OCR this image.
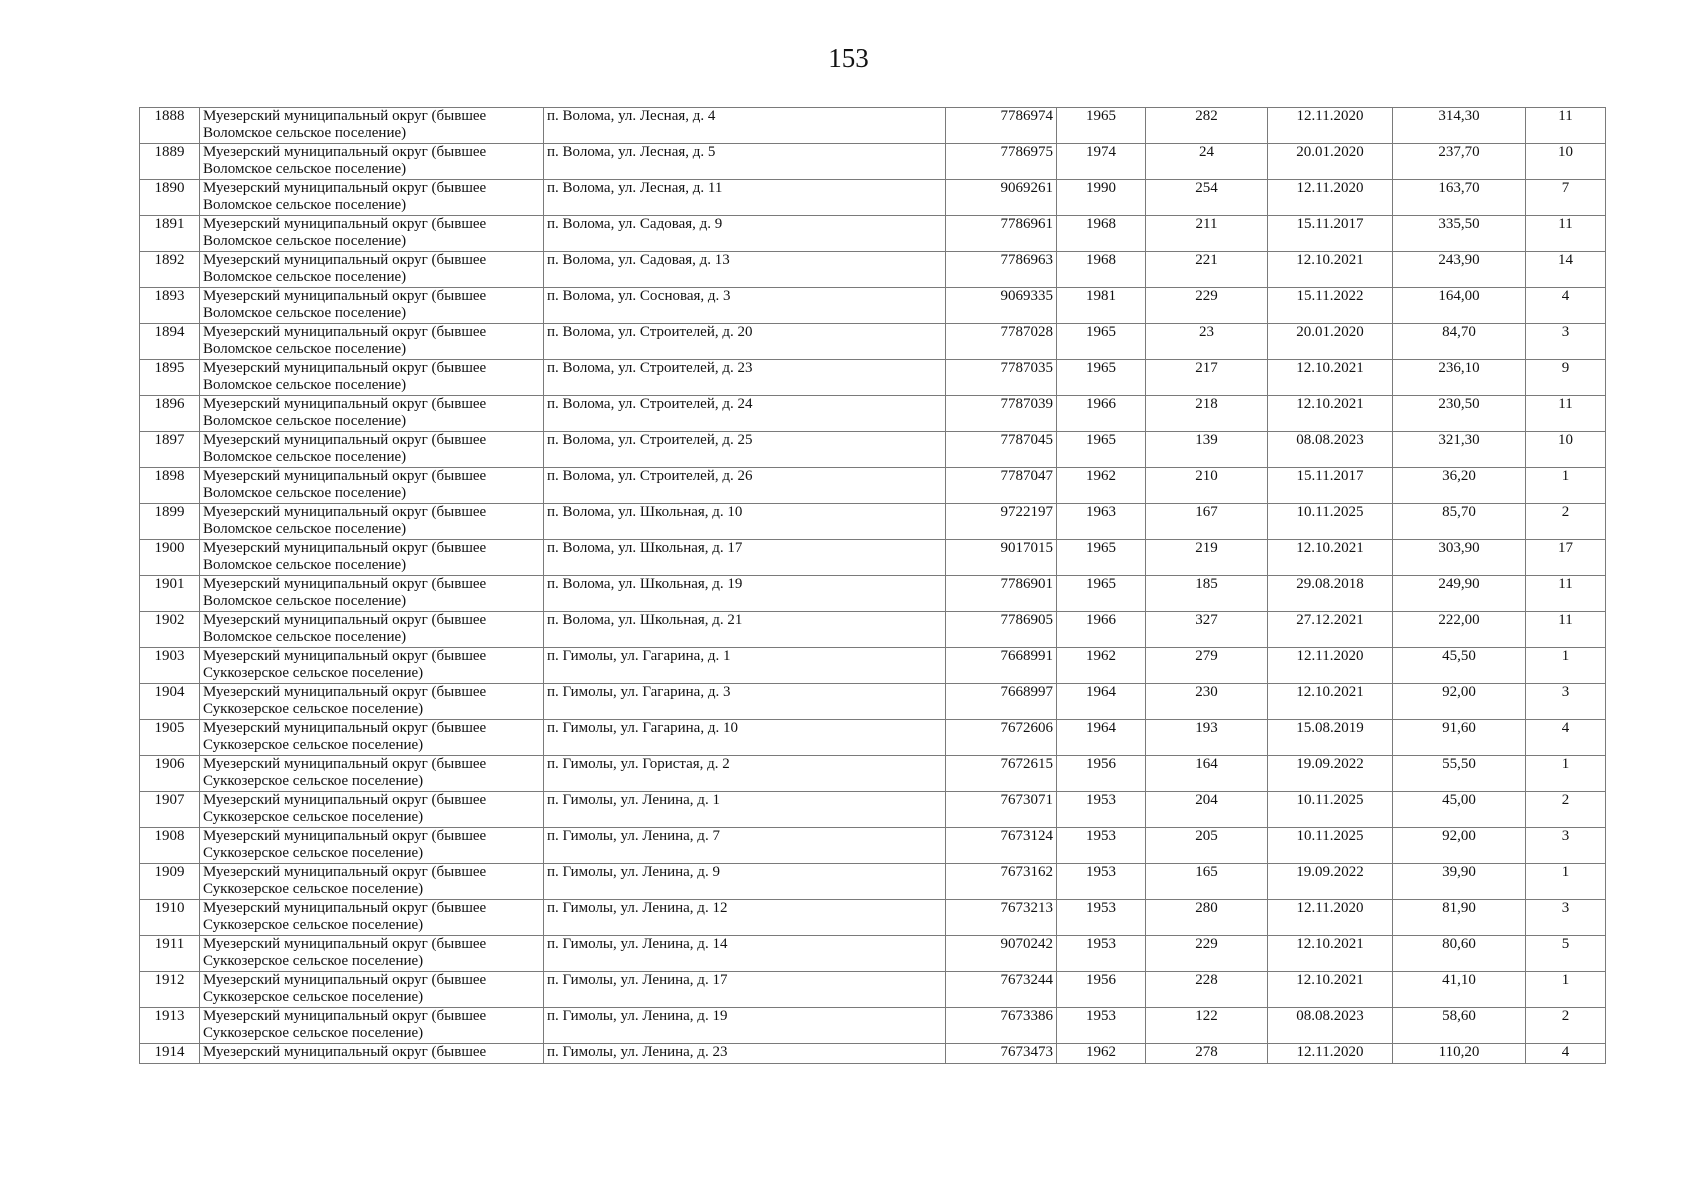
153
1888	Муезерский муниципальный округ (бывшее Воломское сельское поселение)	п. Волома, ул. Лесная, д. 4	7786974	1965	282	12.11.2020	314,30	11
1889	Муезерский муниципальный округ (бывшее Воломское сельское поселение)	п. Волома, ул. Лесная, д. 5	7786975	1974	24	20.01.2020	237,70	10
1890	Муезерский муниципальный округ (бывшее Воломское сельское поселение)	п. Волома, ул. Лесная, д. 11	9069261	1990	254	12.11.2020	163,70	7
1891	Муезерский муниципальный округ (бывшее Воломское сельское поселение)	п. Волома, ул. Садовая, д. 9	7786961	1968	211	15.11.2017	335,50	11
1892	Муезерский муниципальный округ (бывшее Воломское сельское поселение)	п. Волома, ул. Садовая, д. 13	7786963	1968	221	12.10.2021	243,90	14
1893	Муезерский муниципальный округ (бывшее Воломское сельское поселение)	п. Волома, ул. Сосновая, д. 3	9069335	1981	229	15.11.2022	164,00	4
1894	Муезерский муниципальный округ (бывшее Воломское сельское поселение)	п. Волома, ул. Строителей, д. 20	7787028	1965	23	20.01.2020	84,70	3
1895	Муезерский муниципальный округ (бывшее Воломское сельское поселение)	п. Волома, ул. Строителей, д. 23	7787035	1965	217	12.10.2021	236,10	9
1896	Муезерский муниципальный округ (бывшее Воломское сельское поселение)	п. Волома, ул. Строителей, д. 24	7787039	1966	218	12.10.2021	230,50	11
1897	Муезерский муниципальный округ (бывшее Воломское сельское поселение)	п. Волома, ул. Строителей, д. 25	7787045	1965	139	08.08.2023	321,30	10
1898	Муезерский муниципальный округ (бывшее Воломское сельское поселение)	п. Волома, ул. Строителей, д. 26	7787047	1962	210	15.11.2017	36,20	1
1899	Муезерский муниципальный округ (бывшее Воломское сельское поселение)	п. Волома, ул. Школьная, д. 10	9722197	1963	167	10.11.2025	85,70	2
1900	Муезерский муниципальный округ (бывшее Воломское сельское поселение)	п. Волома, ул. Школьная, д. 17	9017015	1965	219	12.10.2021	303,90	17
1901	Муезерский муниципальный округ (бывшее Воломское сельское поселение)	п. Волома, ул. Школьная, д. 19	7786901	1965	185	29.08.2018	249,90	11
1902	Муезерский муниципальный округ (бывшее Воломское сельское поселение)	п. Волома, ул. Школьная, д. 21	7786905	1966	327	27.12.2021	222,00	11
1903	Муезерский муниципальный округ (бывшее Суккозерское сельское поселение)	п. Гимолы, ул. Гагарина, д. 1	7668991	1962	279	12.11.2020	45,50	1
1904	Муезерский муниципальный округ (бывшее Суккозерское сельское поселение)	п. Гимолы, ул. Гагарина, д. 3	7668997	1964	230	12.10.2021	92,00	3
1905	Муезерский муниципальный округ (бывшее Суккозерское сельское поселение)	п. Гимолы, ул. Гагарина, д. 10	7672606	1964	193	15.08.2019	91,60	4
1906	Муезерский муниципальный округ (бывшее Суккозерское сельское поселение)	п. Гимолы, ул. Гористая, д. 2	7672615	1956	164	19.09.2022	55,50	1
1907	Муезерский муниципальный округ (бывшее Суккозерское сельское поселение)	п. Гимолы, ул. Ленина, д. 1	7673071	1953	204	10.11.2025	45,00	2
1908	Муезерский муниципальный округ (бывшее Суккозерское сельское поселение)	п. Гимолы, ул. Ленина, д. 7	7673124	1953	205	10.11.2025	92,00	3
1909	Муезерский муниципальный округ (бывшее Суккозерское сельское поселение)	п. Гимолы, ул. Ленина, д. 9	7673162	1953	165	19.09.2022	39,90	1
1910	Муезерский муниципальный округ (бывшее Суккозерское сельское поселение)	п. Гимолы, ул. Ленина, д. 12	7673213	1953	280	12.11.2020	81,90	3
1911	Муезерский муниципальный округ (бывшее Суккозерское сельское поселение)	п. Гимолы, ул. Ленина, д. 14	9070242	1953	229	12.10.2021	80,60	5
1912	Муезерский муниципальный округ (бывшее Суккозерское сельское поселение)	п. Гимолы, ул. Ленина, д. 17	7673244	1956	228	12.10.2021	41,10	1
1913	Муезерский муниципальный округ (бывшее Суккозерское сельское поселение)	п. Гимолы, ул. Ленина, д. 19	7673386	1953	122	08.08.2023	58,60	2
1914	Муезерский муниципальный округ (бывшее	п. Гимолы, ул. Ленина, д. 23	7673473	1962	278	12.11.2020	110,20	4
